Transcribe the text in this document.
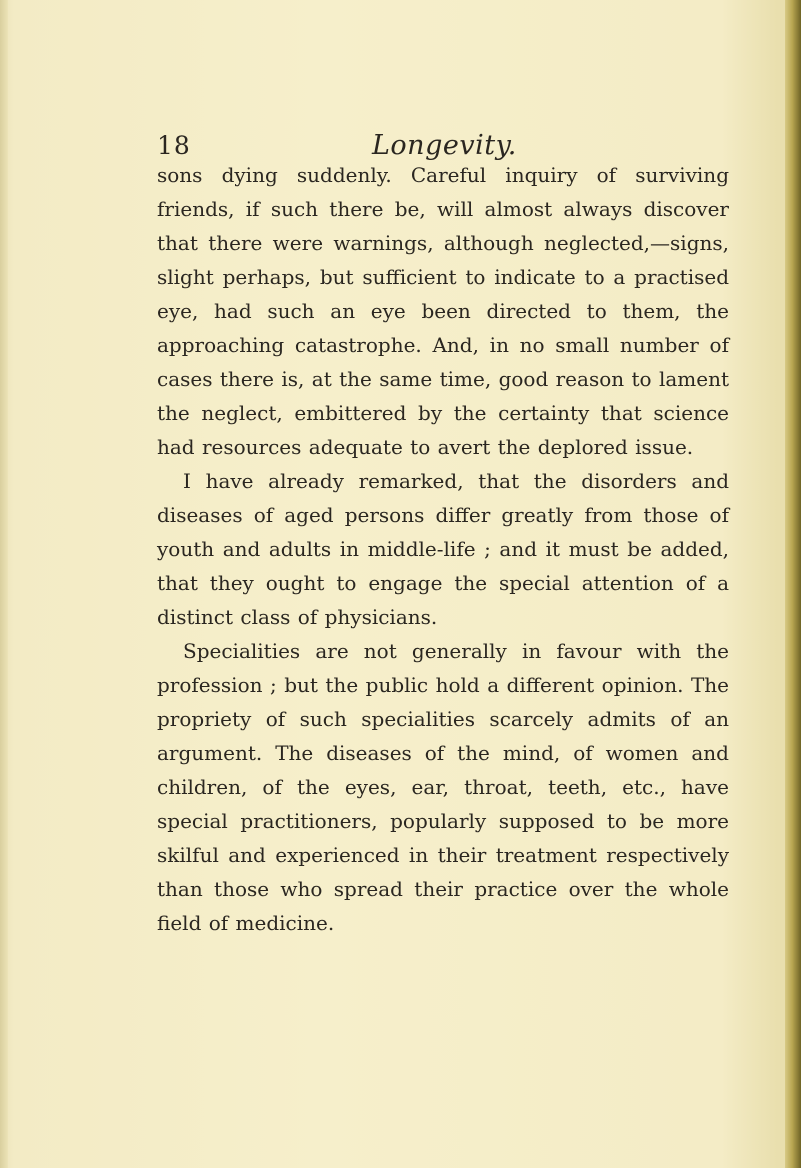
18	Longevity.

sons dying suddenly. Careful inquiry of surviving friends, if such there be, will almost always discover that there were warnings, although neglected,—signs, slight perhaps, but sufficient to indicate to a practised eye, had such an eye been directed to them, the approaching catastrophe. And, in no small number of cases there is, at the same time, good reason to lament the neglect, embittered by the certainty that science had resources adequate to avert the deplored issue.

I have already remarked, that the disorders and diseases of aged persons differ greatly from those of youth and adults in middle-life ; and it must be added, that they ought to engage the special attention of a distinct class of physicians.

Specialities are not generally in favour with the profession ; but the public hold a different opinion. The propriety of such specialities scarcely admits of an argument. The diseases of the mind, of women and children, of the eyes, ear, throat, teeth, etc., have special practitioners, popularly supposed to be more skilful and experienced in their treatment respectively than those who spread their practice over the whole field of medicine.
